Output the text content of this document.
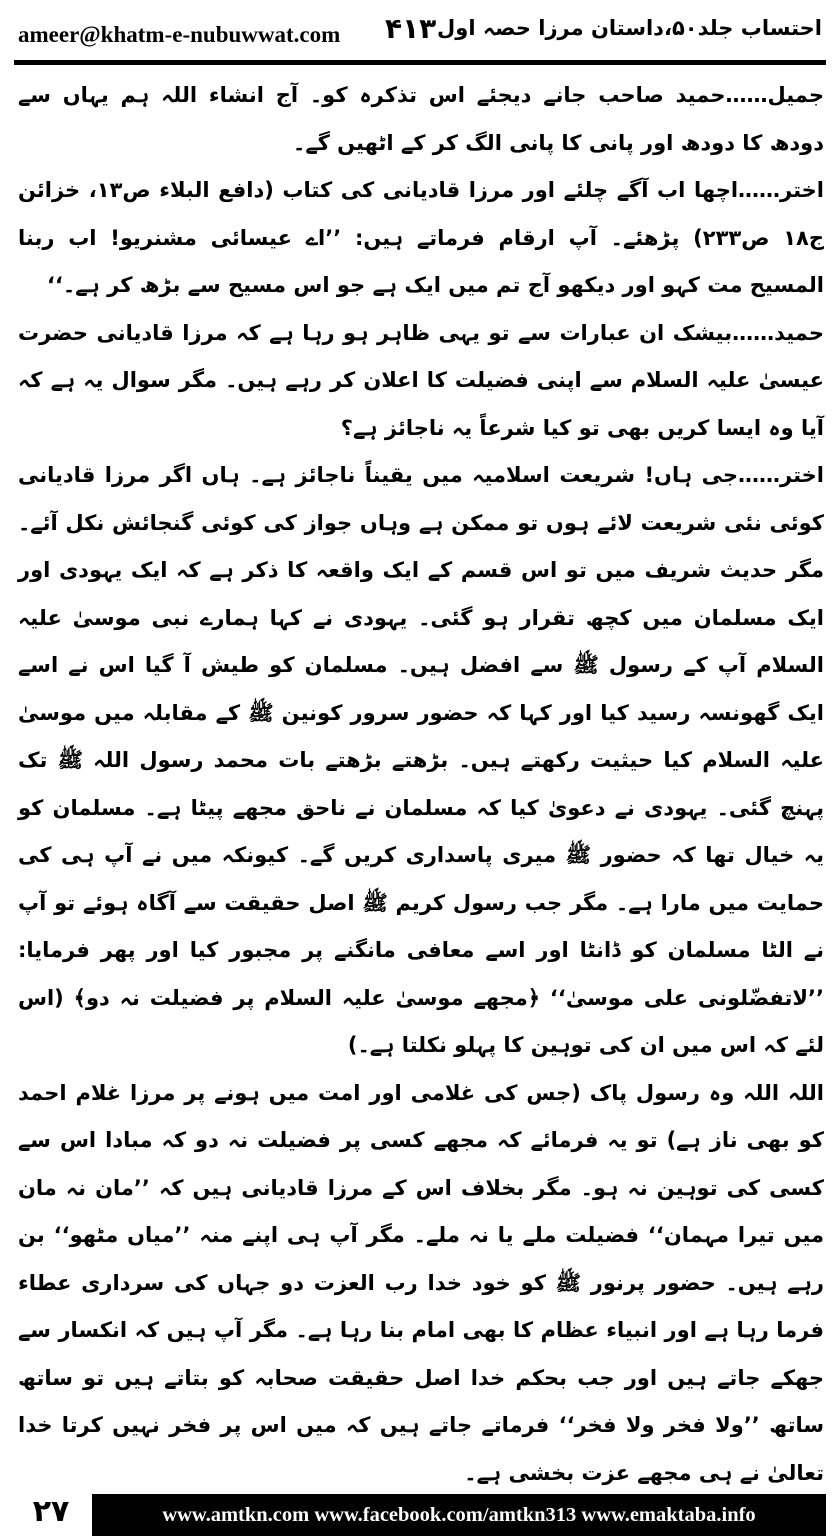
ameer@khatm-e-nubuwwat.com ۴۱۳ احتساب جلد۵۰،داستان مرزا حصہ اول

جمیل……حمید صاحب جانے دیجئے اس تذکرہ کو۔ آج انشاء اللہ ہم یہاں سے دودھ کا دودھ اور پانی کا پانی الگ کر کے اٹھیں گے۔

اختر……اچھا اب آگے چلئے اور مرزا قادیانی کی کتاب (دافع البلاء ص۱۳، خزائن ج۱۸ ص۲۳۳) پڑھئے۔ آپ ارقام فرماتے ہیں: ’’اے عیسائی مشنریو! اب ربنا المسیح مت کہو اور دیکھو آج تم میں ایک ہے جو اس مسیح سے بڑھ کر ہے۔‘‘

حمید……بیشک ان عبارات سے تو یہی ظاہر ہو رہا ہے کہ مرزا قادیانی حضرت عیسیٰ علیہ السلام سے اپنی فضیلت کا اعلان کر رہے ہیں۔ مگر سوال یہ ہے کہ آیا وہ ایسا کریں بھی تو کیا شرعاً یہ ناجائز ہے؟

اختر……جی ہاں! شریعت اسلامیہ میں یقیناً ناجائز ہے۔ ہاں اگر مرزا قادیانی کوئی نئی شریعت لائے ہوں تو ممکن ہے وہاں جواز کی کوئی گنجائش نکل آئے۔ مگر حدیث شریف میں تو اس قسم کے ایک واقعہ کا ذکر ہے کہ ایک یہودی اور ایک مسلمان میں کچھ تقرار ہو گئی۔ یہودی نے کہا ہمارے نبی موسیٰ علیہ السلام آپ کے رسول ﷺ سے افضل ہیں۔ مسلمان کو طیش آ گیا اس نے اسے ایک گھونسہ رسید کیا اور کہا کہ حضور سرور کونین ﷺ کے مقابلہ میں موسیٰ علیہ السلام کیا حیثیت رکھتے ہیں۔ بڑھتے بڑھتے بات محمد رسول اللہ ﷺ تک پہنچ گئی۔ یہودی نے دعویٰ کیا کہ مسلمان نے ناحق مجھے پیٹا ہے۔ مسلمان کو یہ خیال تھا کہ حضور ﷺ میری پاسداری کریں گے۔ کیونکہ میں نے آپ ہی کی حمایت میں مارا ہے۔ مگر جب رسول کریم ﷺ اصل حقیقت سے آگاہ ہوئے تو آپ نے الٹا مسلمان کو ڈانٹا اور اسے معافی مانگنے پر مجبور کیا اور پھر فرمایا: ’’لاتفضّلونی علی موسیٰ‘‘ ﴿مجھے موسیٰ علیہ السلام پر فضیلت نہ دو﴾ (اس لئے کہ اس میں ان کی توہین کا پہلو نکلتا ہے۔)

اللہ اللہ وہ رسول پاک (جس کی غلامی اور امت میں ہونے پر مرزا غلام احمد کو بھی ناز ہے) تو یہ فرمائے کہ مجھے کسی پر فضیلت نہ دو کہ مبادا اس سے کسی کی توہین نہ ہو۔ مگر بخلاف اس کے مرزا قادیانی ہیں کہ ’’مان نہ مان میں تیرا مہمان‘‘ فضیلت ملے یا نہ ملے۔ مگر آپ ہی اپنے منہ ’’میاں مٹھو‘‘ بن رہے ہیں۔ حضور پرنور ﷺ کو خود خدا رب العزت دو جہاں کی سرداری عطاء فرما رہا ہے اور انبیاء عظام کا بھی امام بنا رہا ہے۔ مگر آپ ہیں کہ انکسار سے جھکے جاتے ہیں اور جب بحکم خدا اصل حقیقت صحابہ کو بتاتے ہیں تو ساتھ ساتھ ’’ولا فخر ولا فخر‘‘ فرماتے جاتے ہیں کہ میں اس پر فخر نہیں کرتا خدا تعالیٰ نے ہی مجھے عزت بخشی ہے۔

۲۷	www.amtkn.com www.facebook.com/amtkn313 www.emaktaba.info
